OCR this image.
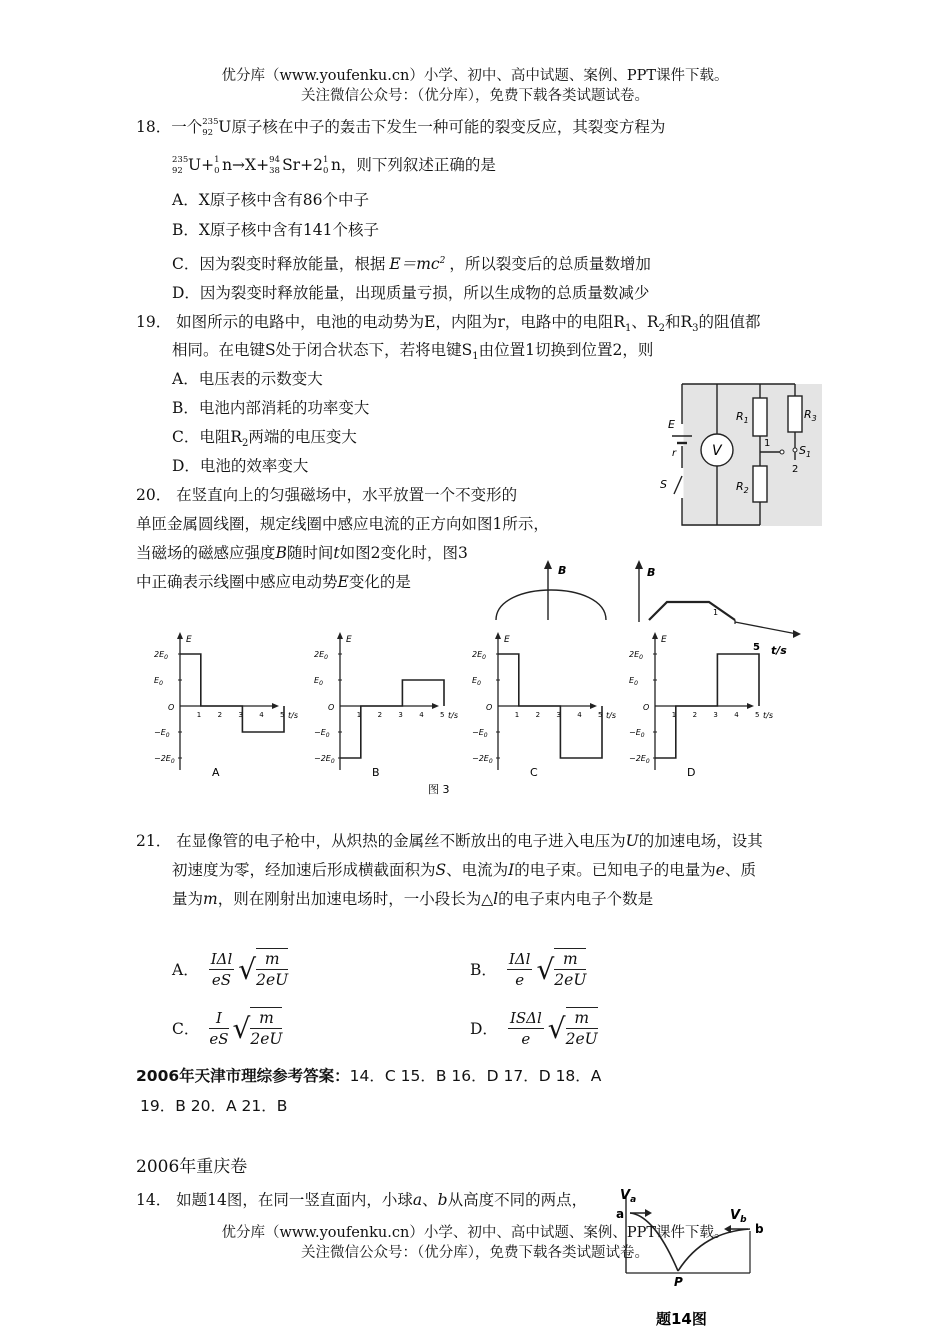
优分库（www.youfenku.cn）小学、初中、高中试题、案例、PPT课件下载。
关注微信公众号：（优分库），免费下载各类试题试卷。
18．一个 235
92 U原子核在中子的轰击下发生一种可能的裂变反应，其裂变方程为
235
92 U+ 1
0 n→X+ 94
38 Sr+2 1
0 n，则下列叙述正确的是
A．X原子核中含有86个中子
B．X原子核中含有141个核子
C．因为裂变时释放能量，根据 $E=mc^2$ ，所以裂变后的总质量数增加
D．因为裂变时释放能量，出现质量亏损，所以生成物的总质量数减少
19． 如图所示的电路中，电池的电动势为E，内阻为r，电路中的电阻$R_1$、$R_2$和$R_3$的阻值都
相同。在电键S处于闭合状态下，若将电键$S_1$由位置1切换到位置2，则
A．电压表的示数变大
B．电池内部消耗的功率变大
C．电阻$R_2$两端的电压变大
D．电池的效率变大
V
$R_1$	$R_3$
$R_2$
E
r
S
$S_1$
1
2
20． 在竖直向上的匀强磁场中，水平放置一个不变形的
单匝金属圆线圈，规定线圈中感应电流的正方向如图1所示，
当磁场的磁感应强度B随时间t如图2变化时，图3
中正确表示线圈中感应电动势E变化的是
B	B
1
5 t/s
E
$2E_0$
$E_0$
$-E_0$
$-2E_0$
O
1 2 3 4 5 t/s
A
E
$2E_0$
$E_0$
$-E_0$
$-2E_0$
O
1 2 3 4 5 t/s
B
E
$2E_0$
$E_0$
$-E_0$
$-2E_0$
O
1 2 3 4 5 t/s
C
E
$2E_0$
$E_0$
$-E_0$
$-2E_0$
O
1 2 3 4 5 t/s
D
图 3
21． 在显像管的电子枪中，从炽热的金属丝不断放出的电子进入电压为U的加速电场，设其
初速度为零，经加速后形成横截面积为S、电流为I的电子束。已知电子的电量为e、质
量为m，则在刚射出加速电场时，一小段长为△l的电子束内电子个数是
A． $\frac{\text{IΔl}}{eS}$ √ m
2eU
B． $\frac{\text{IΔl}}{e}$ √ m
2eU
C． $\frac{I}{eS}$ √ m
2eU
D． $\frac{\text{ISΔl}}{e}$ √ m
2eU
2006年天津市理综参考答案：14．C 15．B 16．D 17．D 18．A
19．B 20．A 21．B
2006年重庆卷
14． 如题14图，在同一竖直面内，小球a、b从高度不同的两点，	$V_a$
$V_b$
a
b
P
题14图
优分库（www.youfenku.cn）小学、初中、高中试题、案例、PPT课件下载。
关注微信公众号：（优分库），免费下载各类试题试卷。
